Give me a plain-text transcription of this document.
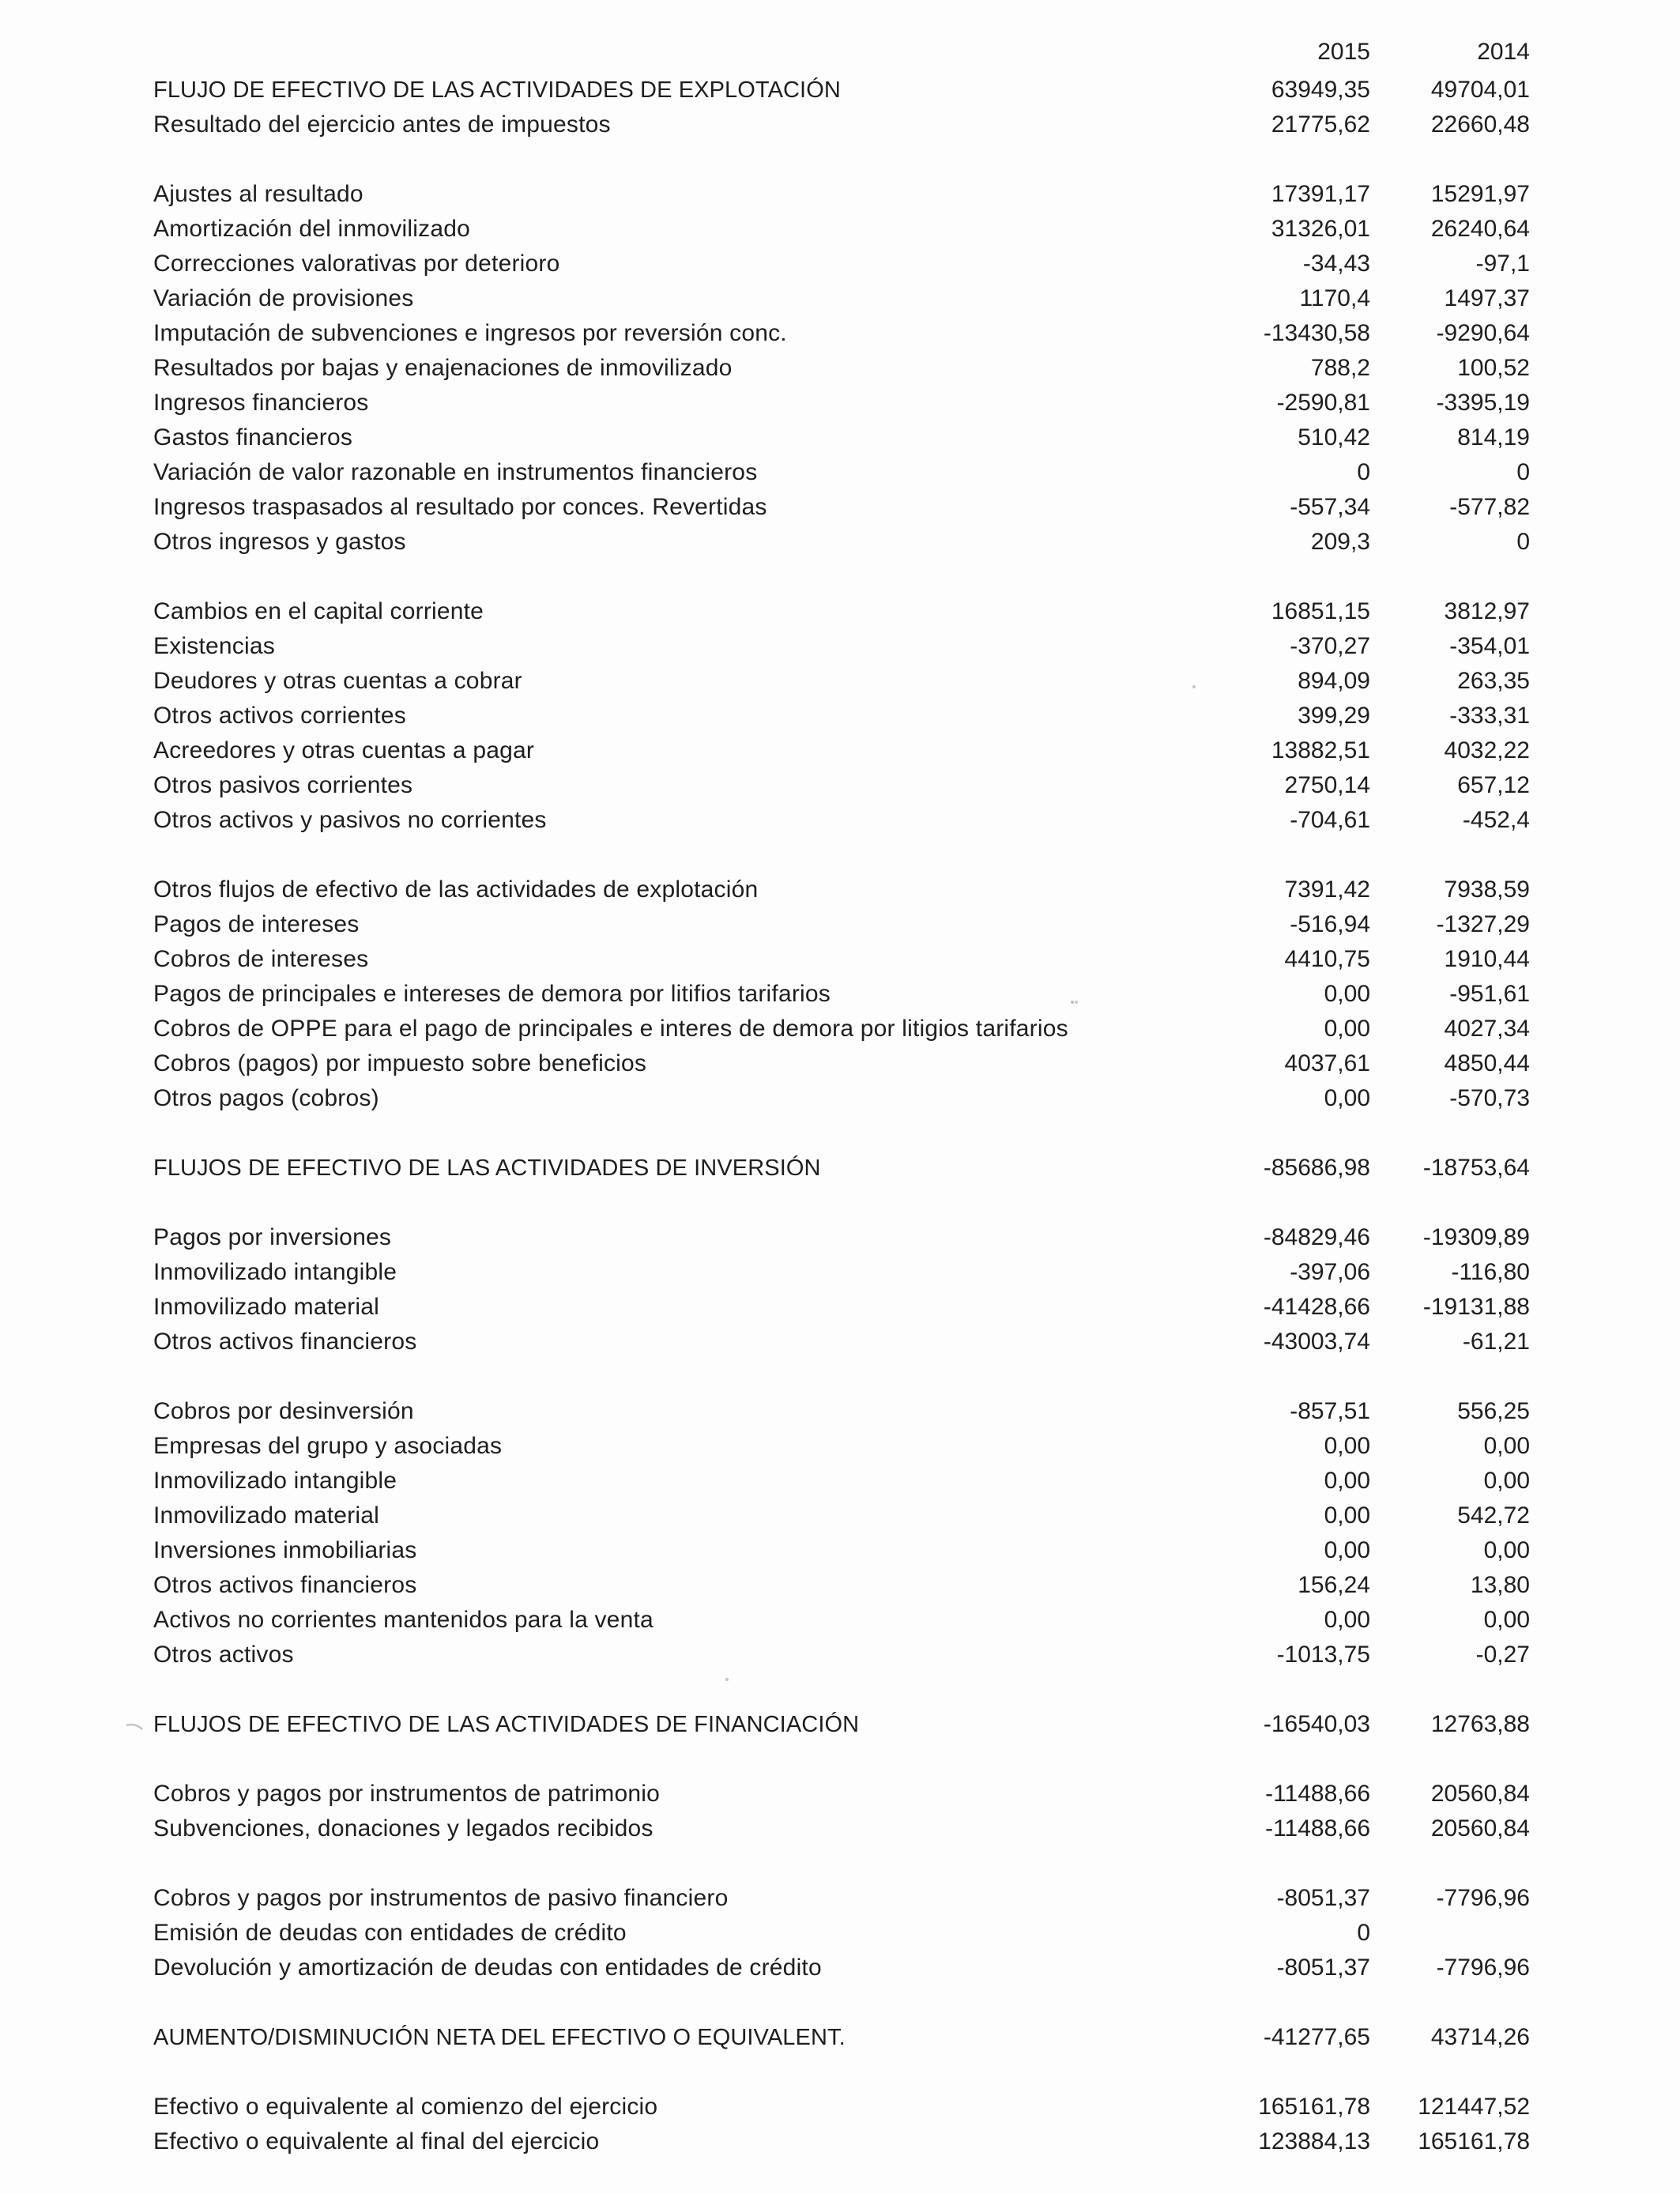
2015	2014
FLUJO DE EFECTIVO DE LAS ACTIVIDADES DE EXPLOTACIÓN	63949,35	49704,01
Resultado del ejercicio antes de impuestos	21775,62	22660,48
Ajustes al resultado	17391,17	15291,97
Amortización del inmovilizado	31326,01	26240,64
Correcciones valorativas por deterioro	-34,43	-97,1
Variación de provisiones	1170,4	1497,37
Imputación de subvenciones e ingresos por reversión conc.	-13430,58	-9290,64
Resultados por bajas y enajenaciones de inmovilizado	788,2	100,52
Ingresos financieros	-2590,81	-3395,19
Gastos financieros	510,42	814,19
Variación de valor razonable en instrumentos financieros	0	0
Ingresos traspasados al resultado por conces. Revertidas	-557,34	-577,82
Otros ingresos y gastos	209,3	0
Cambios en el capital corriente	16851,15	3812,97
Existencias	-370,27	-354,01
Deudores y otras cuentas a cobrar	894,09	263,35
Otros activos corrientes	399,29	-333,31
Acreedores y otras cuentas a pagar	13882,51	4032,22
Otros pasivos corrientes	2750,14	657,12
Otros activos y pasivos no corrientes	-704,61	-452,4
Otros flujos de efectivo de las actividades de explotación	7391,42	7938,59
Pagos de intereses	-516,94	-1327,29
Cobros de intereses	4410,75	1910,44
Pagos de principales e intereses de demora por litifios tarifarios	0,00	-951,61
Cobros de OPPE para el pago de principales e interes de demora por litigios tarifarios	0,00	4027,34
Cobros (pagos) por impuesto sobre beneficios	4037,61	4850,44
Otros pagos (cobros)	0,00	-570,73
FLUJOS DE EFECTIVO DE LAS ACTIVIDADES DE INVERSIÓN	-85686,98 -18753,64
Pagos por inversiones	-84829,46 -19309,89
Inmovilizado intangible	-397,06	-116,80
Inmovilizado material	-41428,66 -19131,88
Otros activos financieros	-43003,74	-61,21
Cobros por desinversión	-857,51	556,25
Empresas del grupo y asociadas	0,00	0,00
Inmovilizado intangible	0,00	0,00
Inmovilizado material	0,00	542,72
Inversiones inmobiliarias	0,00	0,00
Otros activos financieros	156,24	13,80
Activos no corrientes mantenidos para la venta	0,00	0,00
Otros activos	-1013,75	-0,27
FLUJOS DE EFECTIVO DE LAS ACTIVIDADES DE FINANCIACIÓN	-16540,03	12763,88
Cobros y pagos por instrumentos de patrimonio	-11488,66	20560,84
Subvenciones, donaciones y legados recibidos	-11488,66	20560,84
Cobros y pagos por instrumentos de pasivo financiero	-8051,37	-7796,96
Emisión de deudas con entidades de crédito	0
Devolución y amortización de deudas con entidades de crédito	-8051,37	-7796,96
AUMENTO/DISMINUCIÓN NETA DEL EFECTIVO O EQUIVALENT.	-41277,65	43714,26
Efectivo o equivalente al comienzo del ejercicio	165161,78 121447,52
Efectivo o equivalente al final del ejercicio	123884,13 165161,78
